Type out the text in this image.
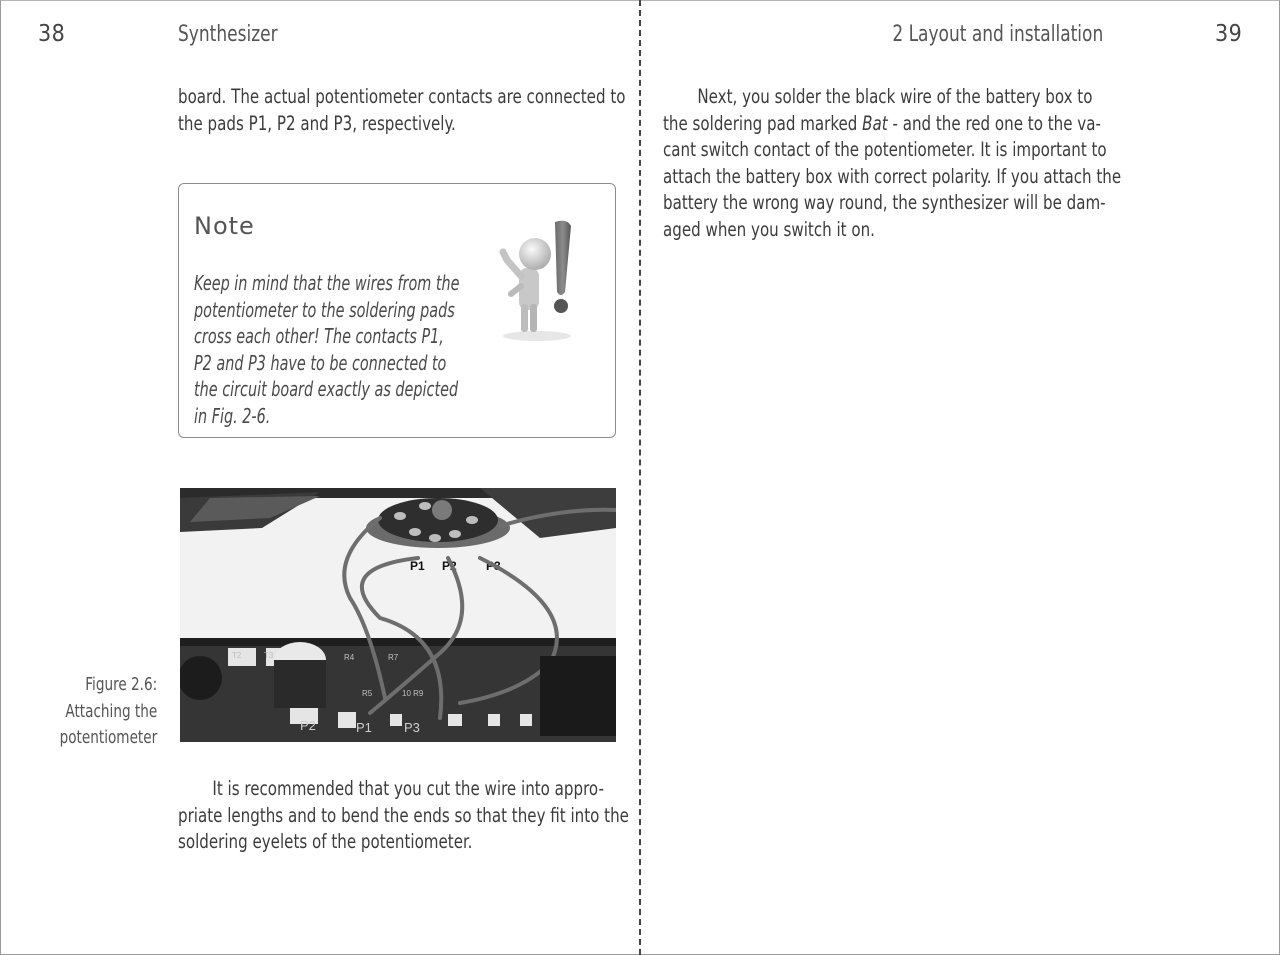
38	Synthesizer
board. The actual potentiometer contacts are connected to
the pads P1, P2 and P3, respectively.
Note
Keep in mind that the wires from the
potentiometer to the soldering pads
cross each other! The contacts P1,
P2 and P3 have to be connected to
the circuit board exactly as depicted
in Fig. 2-6.
P1 P2 P3
P2	P1 P3
T2	T3	R4	R7
R5	10 R9
Figure 2.6:
Attaching the
potentiometer
It is recommended that you cut the wire into appro-
priate lengths and to bend the ends so that they fit into the
soldering eyelets of the potentiometer.
2 Layout and installation	39
Next, you solder the black wire of the battery box to
the soldering pad marked Bat - and the red one to the va-
cant switch contact of the potentiometer. It is important to
attach the battery box with correct polarity. If you attach the
battery the wrong way round, the synthesizer will be dam-
aged when you switch it on.
